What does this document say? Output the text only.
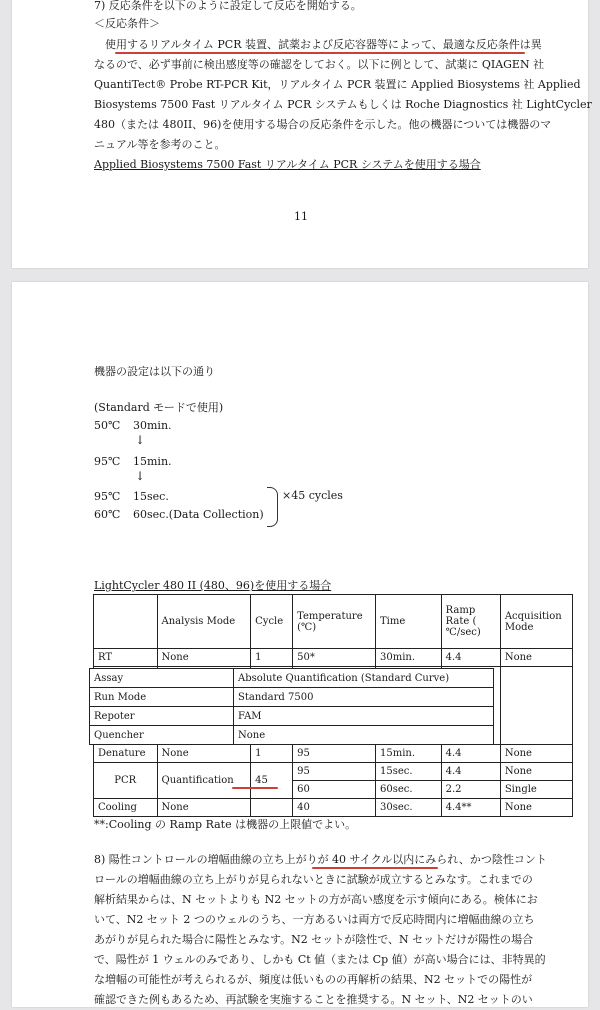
7) 反応条件を以下のように設定して反応を開始する。
＜反応条件＞
　使用するリアルタイム PCR 装置、試薬および反応容器等によって、最適な反応条件は異
なるので、必ず事前に検出感度等の確認をしておく。以下に例として、試薬に QIAGEN 社
QuantiTect® Probe RT-PCR Kit，リアルタイム PCR 装置に Applied Biosystems 社 Applied
Biosystems 7500 Fast リアルタイム PCR システムもしくは Roche Diagnostics 社 LightCycler
480（または 480II、96)を使用する場合の反応条件を示した。他の機器については機器のマ
ニュアル等を参考のこと。
Applied Biosystems 7500 Fast リアルタイム PCR システムを使用する場合
11
機器の設定は以下の通り
(Standard モードで使用)
50℃ 30min.
↓
95℃ 15min.
↓
95℃ 15sec.
60℃ 60sec.(Data Collection)
×45 cycles
LightCycler 480 II (480、96)を使用する場合
	Analysis Mode	Cycle	Temperature (℃)	Time	Ramp Rate ( ℃/sec)	Acquisition Mode
RT	None	1	50*	30min.	4.4	None

Denature	None	1	95	15min.	4.4	None
PCR	Quantification	45	95	15sec.	4.4	None
			60	60sec.	2.2	Single
Cooling	None		40	30sec.	4.4**	None
Assay	Absolute Quantification (Standard Curve)
Run Mode	Standard 7500
Repoter	FAM
Quencher	None
**:Cooling の Ramp Rate は機器の上限値でよい。
8) 陽性コントロールの増幅曲線の立ち上がりが 40 サイクル以内にみられ、かつ陰性コント
ロールの増幅曲線の立ち上がりが見られないときに試験が成立するとみなす。これまでの
解析結果からは、N セットよりも N2 セットの方が高い感度を示す傾向にある。検体にお
いて、N2 セット 2 つのウェルのうち、一方あるいは両方で反応時間内に増幅曲線の立ち
あがりが見られた場合に陽性とみなす。N2 セットが陰性で、N セットだけが陽性の場合
で、陽性が 1 ウェルのみであり、しかも Ct 値（または Cp 値）が高い場合には、非特異的
な増幅の可能性が考えられるが、頻度は低いものの再解析の結果、N2 セットでの陽性が
確認できた例もあるため、再試験を実施することを推奨する。N セット、N2 セットのい
